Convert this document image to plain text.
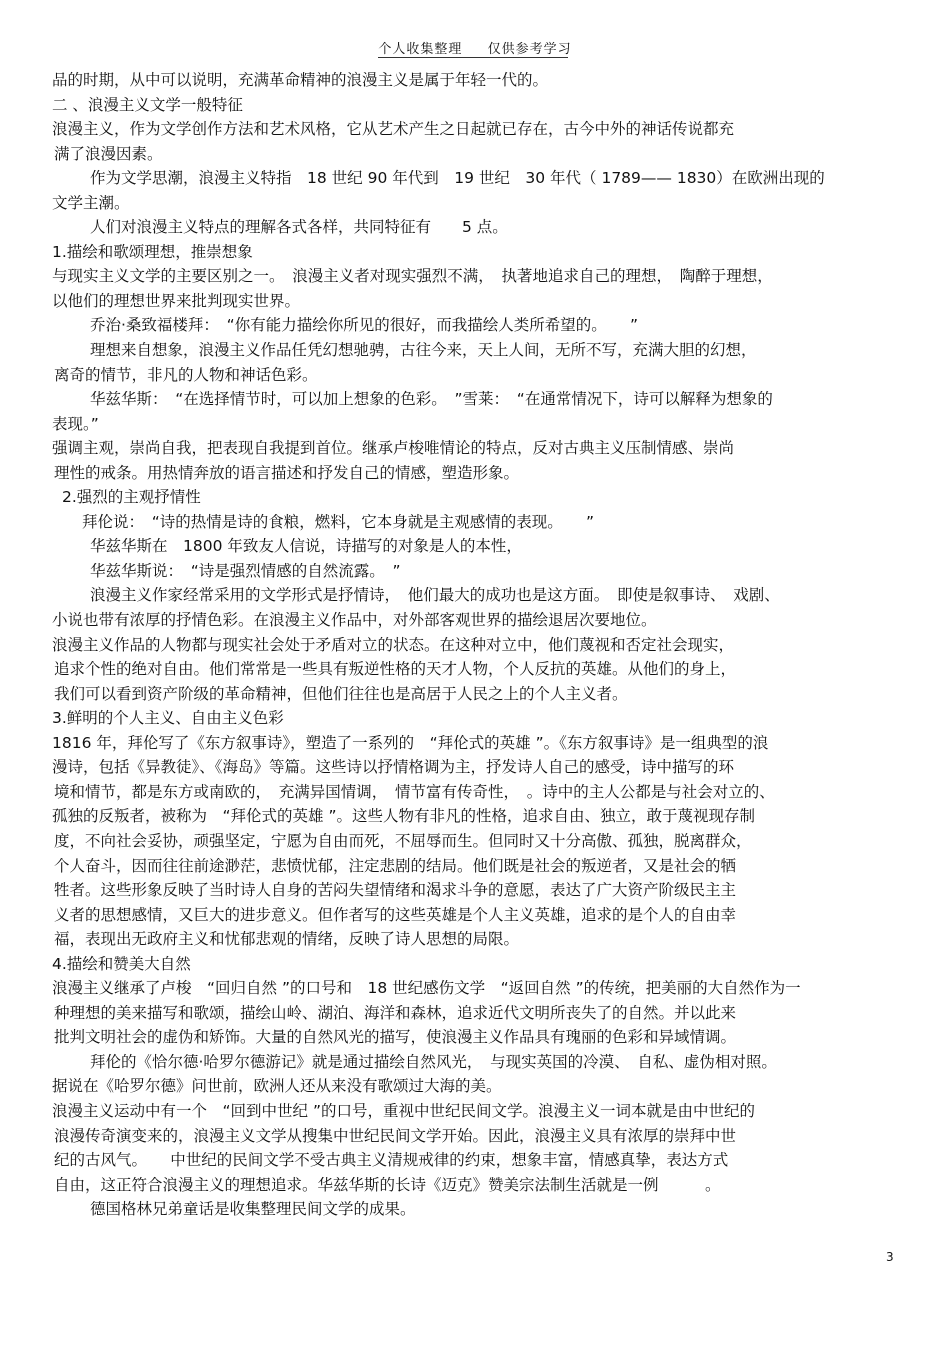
个人收集整理 仅供参考学习
品的时期，从中可以说明，充满革命精神的浪漫主义是属于年轻一代的。
二 、浪漫主义文学一般特征
浪漫主义，作为文学创作方法和艺术风格，它从艺术产生之日起就已存在，古今中外的神话传说都充
满了浪漫因素。
作为文学思潮，浪漫主义特指　18 世纪 90 年代到　19 世纪　30 年代（ 1789—— 1830）在欧洲出现的
文学主潮。
人们对浪漫主义特点的理解各式各样，共同特征有　　5 点。
1.描绘和歌颂理想，推崇想象
与现实主义文学的主要区别之一。　浪漫主义者对现实强烈不满，　执著地追求自己的理想，　陶醉于理想，
以他们的理想世界来批判现实世界。
乔治·桑致福楼拜：　“你有能力描绘你所见的很好，而我描绘人类所希望的。　　”
理想来自想象，浪漫主义作品任凭幻想驰骋，古往今来，天上人间，无所不写，充满大胆的幻想，
离奇的情节，非凡的人物和神话色彩。
华兹华斯：　“在选择情节时，可以加上想象的色彩。　”雪莱：　“在通常情况下，诗可以解释为想象的
表现。”
强调主观，崇尚自我，把表现自我提到首位。继承卢梭唯情论的特点，反对古典主义压制情感、崇尚
理性的戒条。用热情奔放的语言描述和抒发自己的情感，塑造形象。
2.强烈的主观抒情性
拜伦说：　“诗的热情是诗的食粮，燃料，它本身就是主观感情的表现。　　”
华兹华斯在　1800 年致友人信说，诗描写的对象是人的本性，
华兹华斯说：　“诗是强烈情感的自然流露。　”
浪漫主义作家经常采用的文学形式是抒情诗，　他们最大的成功也是这方面。　即使是叙事诗、　戏剧、
小说也带有浓厚的抒情色彩。在浪漫主义作品中，对外部客观世界的描绘退居次要地位。
浪漫主义作品的人物都与现实社会处于矛盾对立的状态。在这种对立中，他们蔑视和否定社会现实，
追求个性的绝对自由。他们常常是一些具有叛逆性格的天才人物，个人反抗的英雄。从他们的身上，
我们可以看到资产阶级的革命精神，但他们往往也是高居于人民之上的个人主义者。
3.鲜明的个人主义、自由主义色彩
1816 年，拜伦写了《东方叙事诗》，塑造了一系列的　“拜伦式的英雄 ”。《东方叙事诗》是一组典型的浪
漫诗，包括《异教徒》、《海岛》等篇。这些诗以抒情格调为主，抒发诗人自己的感受，诗中描写的环
境和情节，都是东方或南欧的，　充满异国情调，　情节富有传奇性，　。诗中的主人公都是与社会对立的、
孤独的反叛者，被称为　“拜伦式的英雄 ”。这些人物有非凡的性格，追求自由、独立，敢于蔑视现存制
度，不向社会妥协，顽强坚定，宁愿为自由而死，不屈辱而生。但同时又十分高傲、孤独，脱离群众，
个人奋斗，因而往往前途渺茫，悲愤忧郁，注定悲剧的结局。他们既是社会的叛逆者，又是社会的牺
牲者。这些形象反映了当时诗人自身的苦闷失望情绪和渴求斗争的意愿，表达了广大资产阶级民主主
义者的思想感情，又巨大的进步意义。但作者写的这些英雄是个人主义英雄，追求的是个人的自由幸
福，表现出无政府主义和忧郁悲观的情绪，反映了诗人思想的局限。
4.描绘和赞美大自然
浪漫主义继承了卢梭　“回归自然 ”的口号和　18 世纪感伤文学　“返回自然 ”的传统，把美丽的大自然作为一
种理想的美来描写和歌颂，描绘山岭、湖泊、海洋和森林，追求近代文明所丧失了的自然。并以此来
批判文明社会的虚伪和矫饰。大量的自然风光的描写，使浪漫主义作品具有瑰丽的色彩和异域情调。
拜伦的《恰尔德·哈罗尔德游记》就是通过描绘自然风光，　与现实英国的冷漠、　自私、虚伪相对照。
据说在《哈罗尔德》问世前，欧洲人还从来没有歌颂过大海的美。
浪漫主义运动中有一个　“回到中世纪 ”的口号，重视中世纪民间文学。浪漫主义一词本就是由中世纪的
浪漫传奇演变来的，浪漫主义文学从搜集中世纪民间文学开始。因此，浪漫主义具有浓厚的崇拜中世
纪的古风气。　　中世纪的民间文学不受古典主义清规戒律的约束，想象丰富，情感真挚，表达方式
自由，这正符合浪漫主义的理想追求。华兹华斯的长诗《迈克》赞美宗法制生活就是一例　　　。
德国格林兄弟童话是收集整理民间文学的成果。
3
